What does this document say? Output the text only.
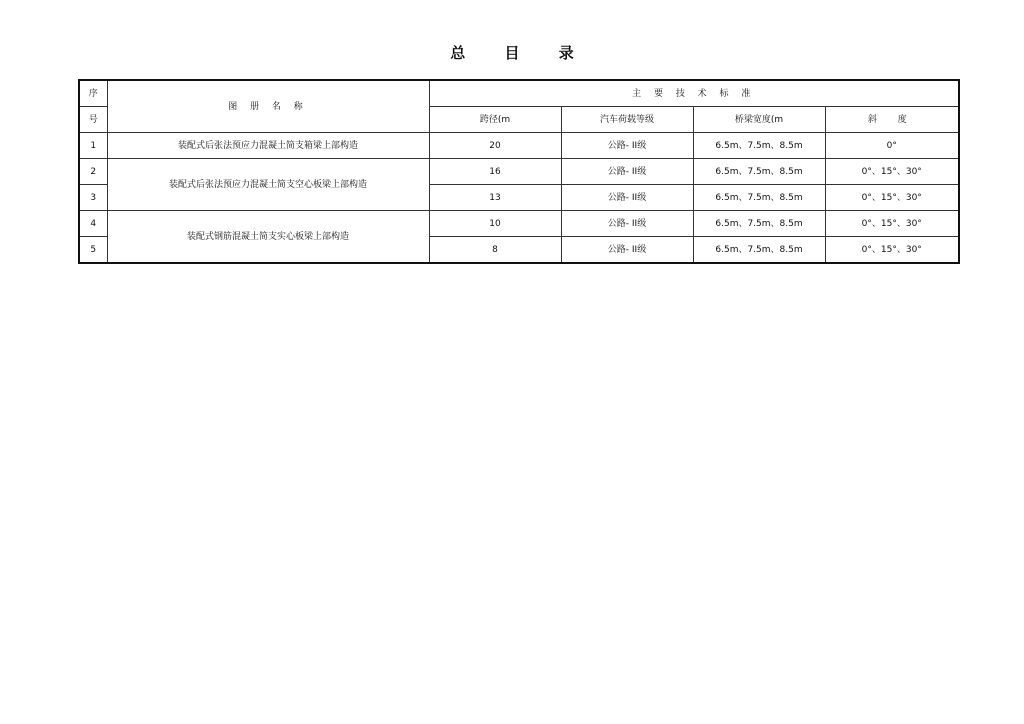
总 目 录
序	图 册 名 称	主 要 技 术 标 准			
号		跨径(m	汽车荷载等级	桥梁宽度(m	斜 度
1	装配式后张法预应力混凝土简支箱梁上部构造	20	公路- II级	6.5m、7.5m、8.5m	0°
2	装配式后张法预应力混凝土简支空心板梁上部构造	16	公路- II级	6.5m、7.5m、8.5m	0°、15°、30°
3		13	公路- II级	6.5m、7.5m、8.5m	0°、15°、30°
4	装配式钢筋混凝土简支实心板梁上部构造	10	公路- II级	6.5m、7.5m、8.5m	0°、15°、30°
5		8	公路- II级	6.5m、7.5m、8.5m	0°、15°、30°
